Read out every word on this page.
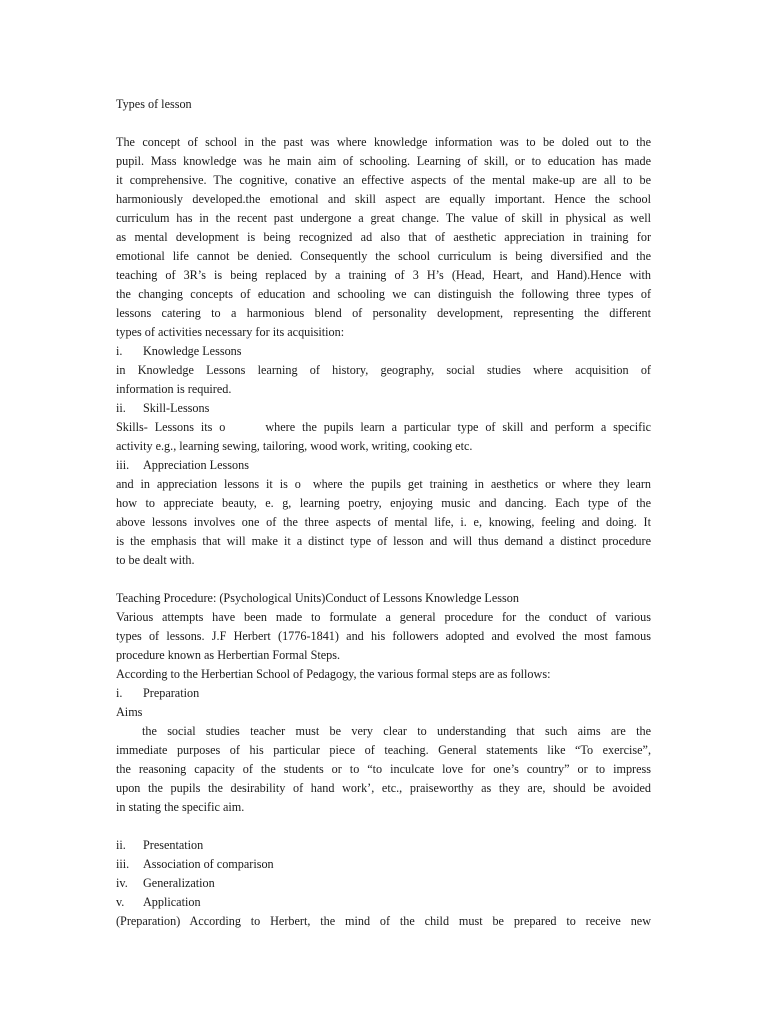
Types of lesson
The concept of school in the past was where knowledge information was to be doled out to the
pupil. Mass knowledge was he main aim of schooling. Learning of skill, or to education has made
it comprehensive. The cognitive, conative an effective aspects of the mental make-up are all to be
harmoniously developed.the emotional and skill aspect are equally important. Hence the school
curriculum has in the recent past undergone a great change. The value of skill in physical as well
as mental development is being recognized ad also that of aesthetic appreciation in training for
emotional life cannot be denied. Consequently the school curriculum is being diversified and the
teaching of 3R’s is being replaced by a training of 3 H’s (Head, Heart, and Hand).Hence with
the changing concepts of education and schooling we can distinguish the following three types of
lessons catering to a harmonious blend of personality development, representing the different
types of activities necessary for its acquisition:
i.	Knowledge Lessons
in Knowledge Lessons learning of history, geography, social studies where acquisition of
information is required.
ii.	Skill-Lessons
Skills- Lessons its o	where the pupils learn a particular type of skill and perform a specific
activity e.g., learning sewing, tailoring, wood work, writing, cooking etc.
iii.	Appreciation Lessons
and in appreciation lessons it is o where the pupils get training in aesthetics or where they learn
how to appreciate beauty, e. g, learning poetry, enjoying music and dancing. Each type of the
above lessons involves one of the three aspects of mental life, i. e, knowing, feeling and doing. It
is the emphasis that will make it a distinct type of lesson and will thus demand a distinct procedure
to be dealt with.
Teaching Procedure: (Psychological Units)Conduct of Lessons Knowledge Lesson
Various attempts have been made to formulate a general procedure for the conduct of various
types of lessons. J.F Herbert (1776-1841) and his followers adopted and evolved the most famous
procedure known as Herbertian Formal Steps.
According to the Herbertian School of Pedagogy, the various formal steps are as follows:
i.	Preparation
Aims
the social studies teacher must be very clear to understanding that such aims are the
immediate purposes of his particular piece of teaching. General statements like “To exercise”,
the reasoning capacity of the students or to “to inculcate love for one’s country” or to impress
upon the pupils the desirability of hand work’, etc., praiseworthy as they are, should be avoided
in stating the specific aim.
ii.	Presentation
iii.	Association of comparison
iv.	Generalization
v.	Application
(Preparation) According to Herbert, the mind of the child must be prepared to receive new
